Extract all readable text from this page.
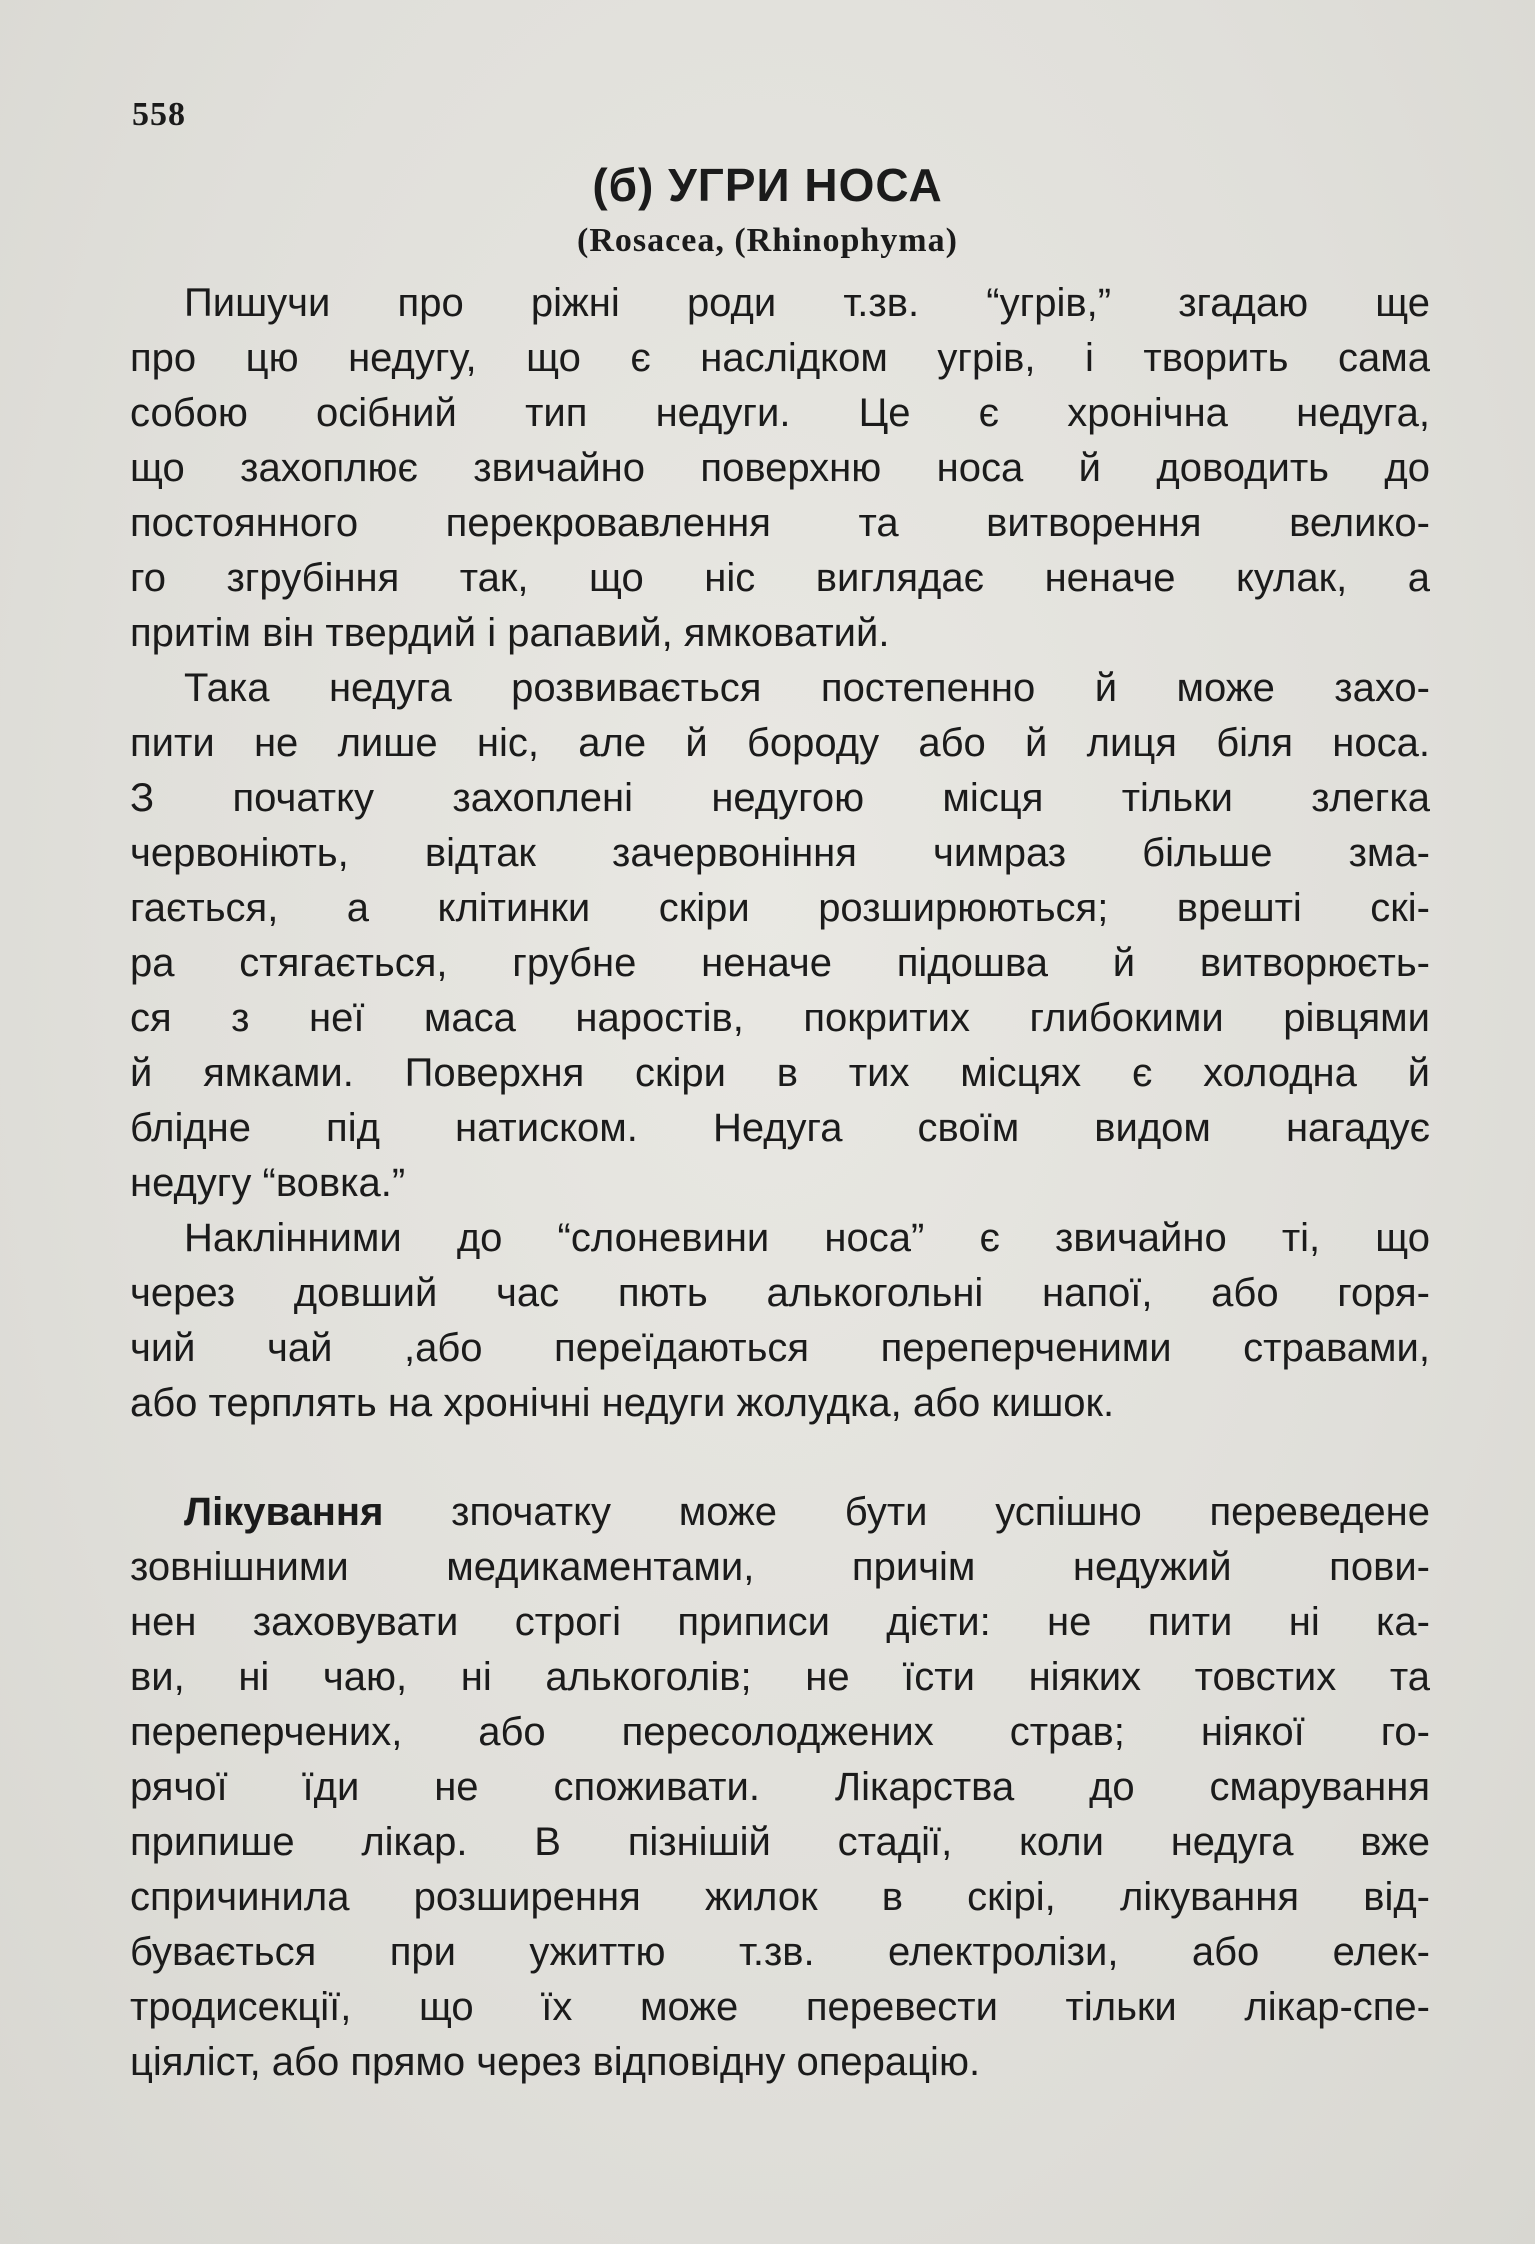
558
(б) УГРИ НОСА
(Rosacea, (Rhinophyma)
Пишучи про ріжні роди т.зв. “угрів,” згадаю ще
про цю недугу, що є наслідком угрів, і творить сама
собою осібний тип недуги. Це є хронічна недуга,
що захоплює звичайно поверхню носа й доводить до
постоянного перекровавлення та витворення велико-
го згрубіння так, що ніс виглядає неначе кулак, а
притім він твердий і рапавий, ямковатий.
Така недуга розвивається постепенно й може захо-
пити не лише ніс, але й бороду або й лиця біля носа.
З початку захоплені недугою місця тільки злегка
червоніють, відтак зачервоніння чимраз більше зма-
гається, а клітинки скіри розширюються; врешті скі-
ра стягається, грубне неначе підошва й витворюєть-
ся з неї маса наростів, покритих глибокими рівцями
й ямками. Поверхня скіри в тих місцях є холодна й
блідне під натиском. Недуга своїм видом нагадує
недугу “вовка.”
Наклінними до “слоневини носа” є звичайно ті, що
через довший час пють алькогольні напої, або горя-
чий чай ,або переїдаються переперченими стравами,
або терплять на хронічні недуги жолудка, або кишок.
Лікування зпочатку може бути успішно переведене
зовнішними медикаментами, причім недужий пови-
нен заховувати строгі приписи дієти: не пити ні ка-
ви, ні чаю, ні алькоголів; не їсти ніяких товстих та
переперчених, або пересолоджених страв; ніякої го-
рячої їди не споживати. Лікарства до смарування
припише лікар. В пізнішій стадії, коли недуга вже
спричинила розширення жилок в скірі, лікування від-
бувається при ужиттю т.зв. електролізи, або елек-
тродисекції, що їх може перевести тільки лікар-спе-
ціяліст, або прямо через відповідну операцію.
